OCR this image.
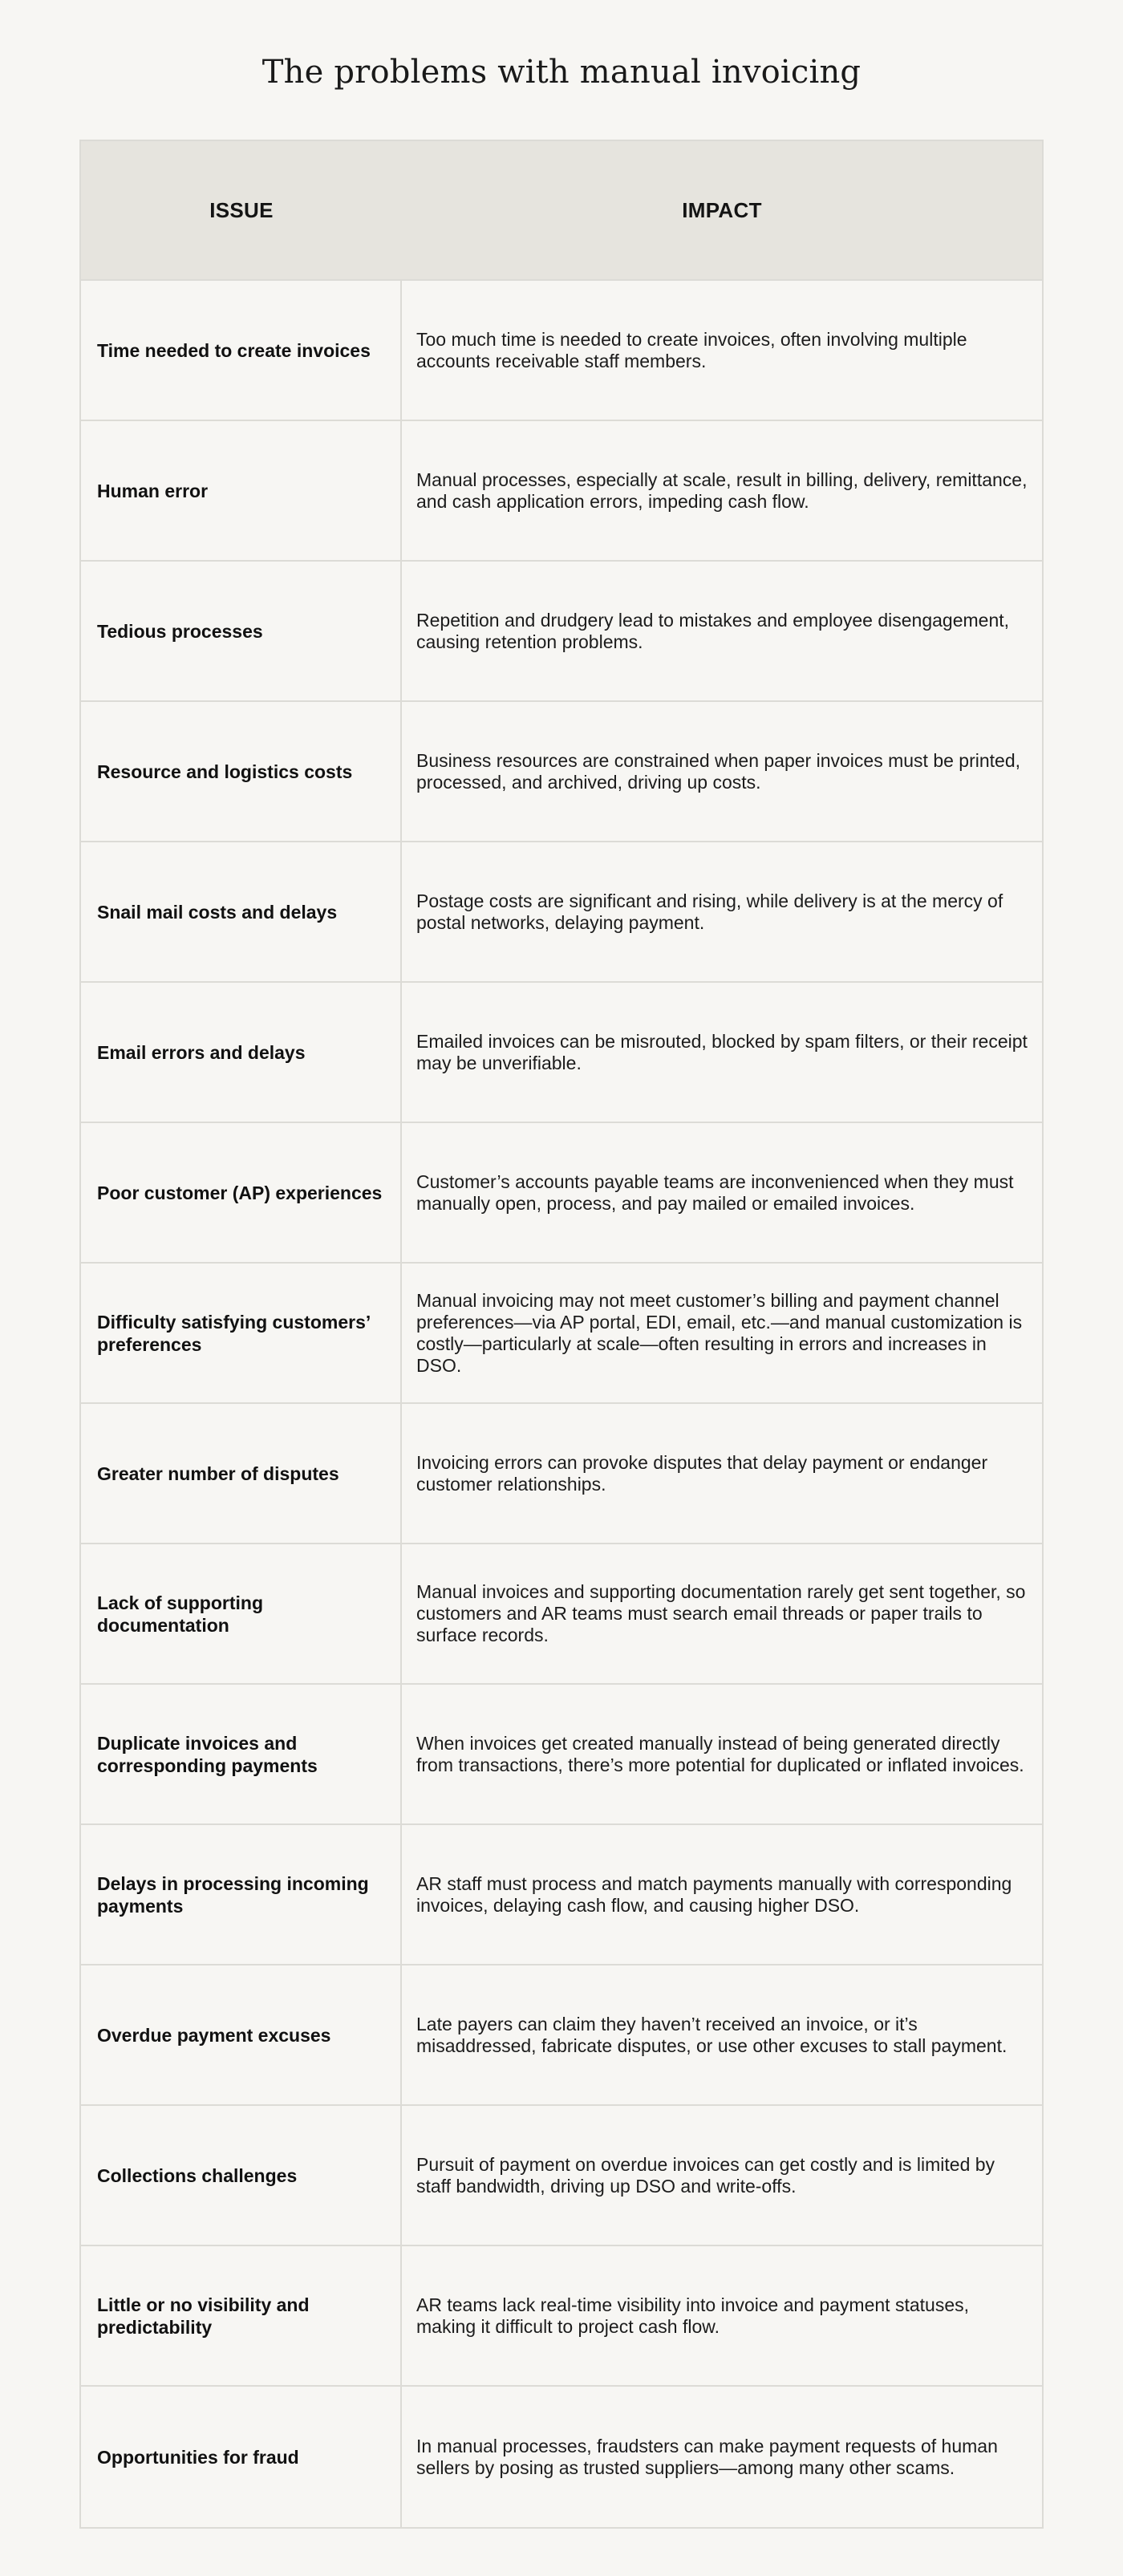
The problems with manual invoicing
ISSUE	IMPACT
Time needed to create invoices
Too much time is needed to create invoices, often involving multiple accounts receivable staff members.
Human error
Manual processes, especially at scale, result in billing, delivery, remittance, and cash application errors, impeding cash flow.
Tedious processes
Repetition and drudgery lead to mistakes and employee disengagement, causing retention problems.
Resource and logistics costs
Business resources are constrained when paper invoices must be printed, processed, and archived, driving up costs.
Snail mail costs and delays
Postage costs are significant and rising, while delivery is at the mercy of postal networks, delaying payment.
Email errors and delays
Emailed invoices can be misrouted, blocked by spam filters, or their receipt may be unverifiable.
Poor customer (AP) experiences
Customer’s accounts payable teams are inconvenienced when they must manually open, process, and pay mailed or emailed invoices.
Difficulty satisfying customers’ preferences
Manual invoicing may not meet customer’s billing and payment channel preferences—via AP portal, EDI, email, etc.—and manual customization is costly—particularly at scale—often resulting in errors and increases in DSO.
Greater number of disputes
Invoicing errors can provoke disputes that delay payment or endanger customer relationships.
Lack of supporting documentation
Manual invoices and supporting documentation rarely get sent together, so customers and AR teams must search email threads or paper trails to surface records.
Duplicate invoices and corresponding payments
When invoices get created manually instead of being generated directly from transactions, there’s more potential for duplicated or inflated invoices.
Delays in processing incoming payments
AR staff must process and match payments manually with corresponding invoices, delaying cash flow, and causing higher DSO.
Overdue payment excuses
Late payers can claim they haven’t received an invoice, or it’s misaddressed, fabricate disputes, or use other excuses to stall payment.
Collections challenges
Pursuit of payment on overdue invoices can get costly and is limited by staff bandwidth, driving up DSO and write-offs.
Little or no visibility and predictability
AR teams lack real-time visibility into invoice and payment statuses, making it difficult to project cash flow.
Opportunities for fraud
In manual processes, fraudsters can make payment requests of human sellers by posing as trusted suppliers—among many other scams.
